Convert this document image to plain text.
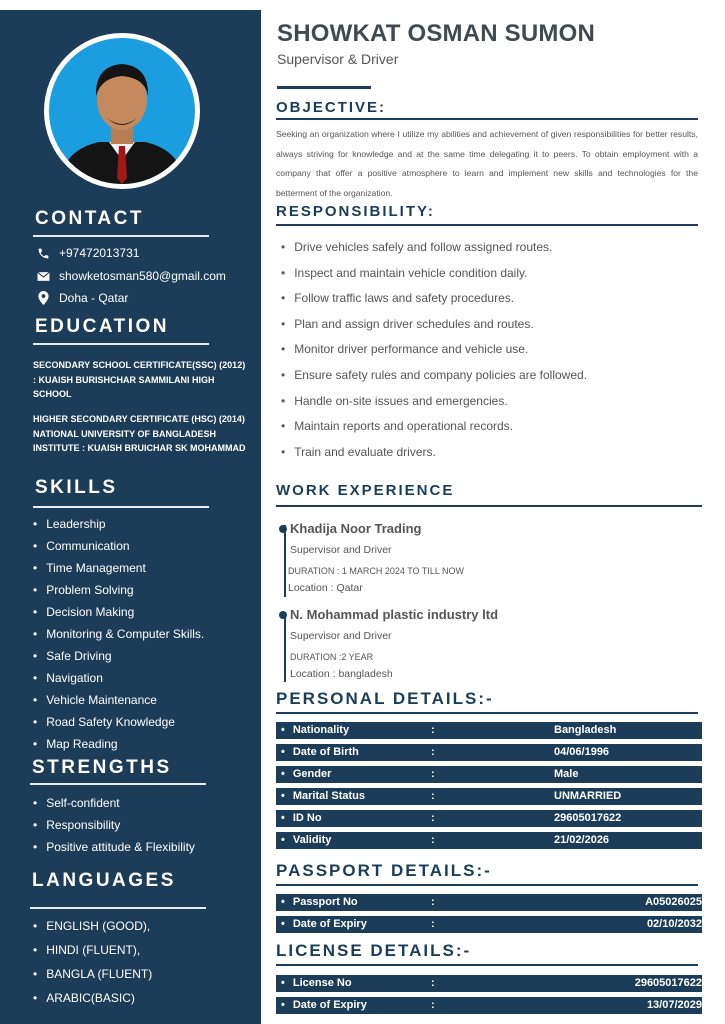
CONTACT
+97472013731
showketosman580@gmail.com
Doha - Qatar
EDUCATION
SECONDARY SCHOOL CERTIFICATE(SSC) (2012) : KUAISH BURISHCHAR SAMMILANI HIGH SCHOOL
HIGHER SECONDARY CERTIFICATE (HSC) (2014) NATIONAL UNIVERSITY OF BANGLADESH INSTITUTE : KUAISH BRUICHAR SK MOHAMMAD
SKILLS
• Leadership
• Communication
• Time Management
• Problem Solving
• Decision Making
• Monitoring & Computer Skills.
• Safe Driving
• Navigation
• Vehicle Maintenance
• Road Safety Knowledge
• Map Reading
STRENGTHS
• Self-confident
• Responsibility
• Positive attitude & Flexibility
LANGUAGES
• ENGLISH (GOOD),
• HINDI (FLUENT),
• BANGLA (FLUENT)
• ARABIC(BASIC)
SHOWKAT OSMAN SUMON
Supervisor & Driver
OBJECTIVE:
Seeking an organization where I utilize my abilities and achievement of given responsibilities for better results, always striving for knowledge and at the same time delegating it to peers. To obtain employment with a company that offer a positive atmosphere to learn and implement new skills and technologies for the betterment of the organization.
RESPONSIBILITY:
• Drive vehicles safely and follow assigned routes.
• Inspect and maintain vehicle condition daily.
• Follow traffic laws and safety procedures.
• Plan and assign driver schedules and routes.
• Monitor driver performance and vehicle use.
• Ensure safety rules and company policies are followed.
• Handle on-site issues and emergencies.
• Maintain reports and operational records.
• Train and evaluate drivers.
WORK EXPERIENCE
Khadija Noor Trading
Supervisor and Driver
DURATION : 1 MARCH 2024 TO TILL NOW
Location : Qatar
N. Mohammad plastic industry ltd
Supervisor and Driver
DURATION :2 YEAR
Location : bangladesh
PERSONAL DETAILS:-
• Nationality	:	Bangladesh
• Date of Birth	:	04/06/1996
• Gender	:	Male
• Marital Status	:	UNMARRIED
• ID No	:	29605017622
• Validity	:	21/02/2026
PASSPORT DETAILS:-
• Passport No	:	A05026025
• Date of Expiry	:	02/10/2032
LICENSE DETAILS:-
• License No	:	29605017622
• Date of Expiry	:	13/07/2029
